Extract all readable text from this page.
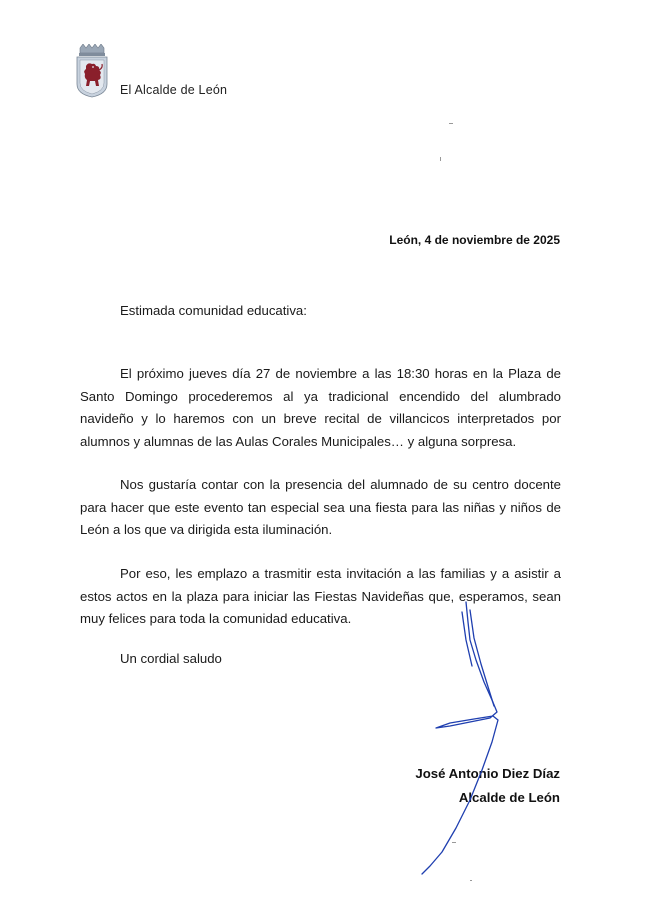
El Alcalde de León
León, 4 de noviembre de 2025
Estimada comunidad educativa:

El próximo jueves día 27 de noviembre a las 18:30 horas en la Plaza de Santo Domingo procederemos al ya tradicional encendido del alumbrado navideño y lo haremos con un breve recital de villancicos interpretados por alumnos y alumnas de las Aulas Corales Municipales… y alguna sorpresa.

Nos gustaría contar con la presencia del alumnado de su centro docente para hacer que este evento tan especial sea una fiesta para las niñas y niños de León a los que va dirigida esta iluminación.

Por eso, les emplazo a trasmitir esta invitación a las familias y a asistir a estos actos en la plaza para iniciar las Fiestas Navideñas que, esperamos, sean muy felices para toda la comunidad educativa.

Un cordial saludo
José Antonio Diez Díaz
Alcalde de León
